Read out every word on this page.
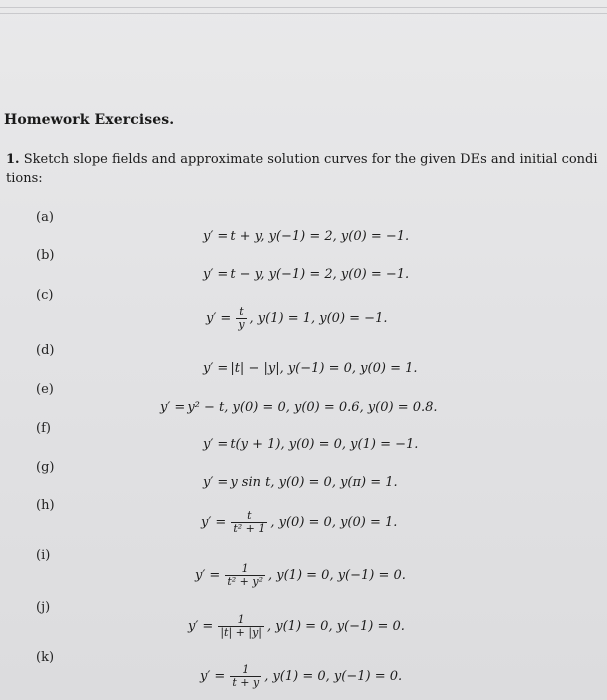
Homework Exercises.
1. Sketch slope fields and approximate solution curves for the given DEs and initial condi
tions:
(a)
y′ = t + y, y(−1) = 2, y(0) = −1.
(b)
y′ = t − y, y(−1) = 2, y(0) = −1.
(c)
$y' = \frac{t}{y}$ , y(1) = 1, y(0) = −1.
(d)
y′ = |t| − |y|, y(−1) = 0, y(0) = 1.
(e)
y′ = y² − t, y(0) = 0, y(0) = 0.6, y(0) = 0.8.
(f)
y′ = t(y + 1), y(0) = 0, y(1) = −1.
(g)
y′ = y sin t, y(0) = 0, y(π) = 1.
(h)
$y' = \frac{t}{\text{t² + 1}}$ , y(0) = 0, y(0) = 1.
(i)
$y' = \frac{1}{\text{t² + y²}}$ , y(1) = 0, y(−1) = 0.
(j)
$y' = \frac{1}{|t| + |y|}$ , y(1) = 0, y(−1) = 0.
(k)
$y' = \frac{1}{t + y}$ , y(1) = 0, y(−1) = 0.
